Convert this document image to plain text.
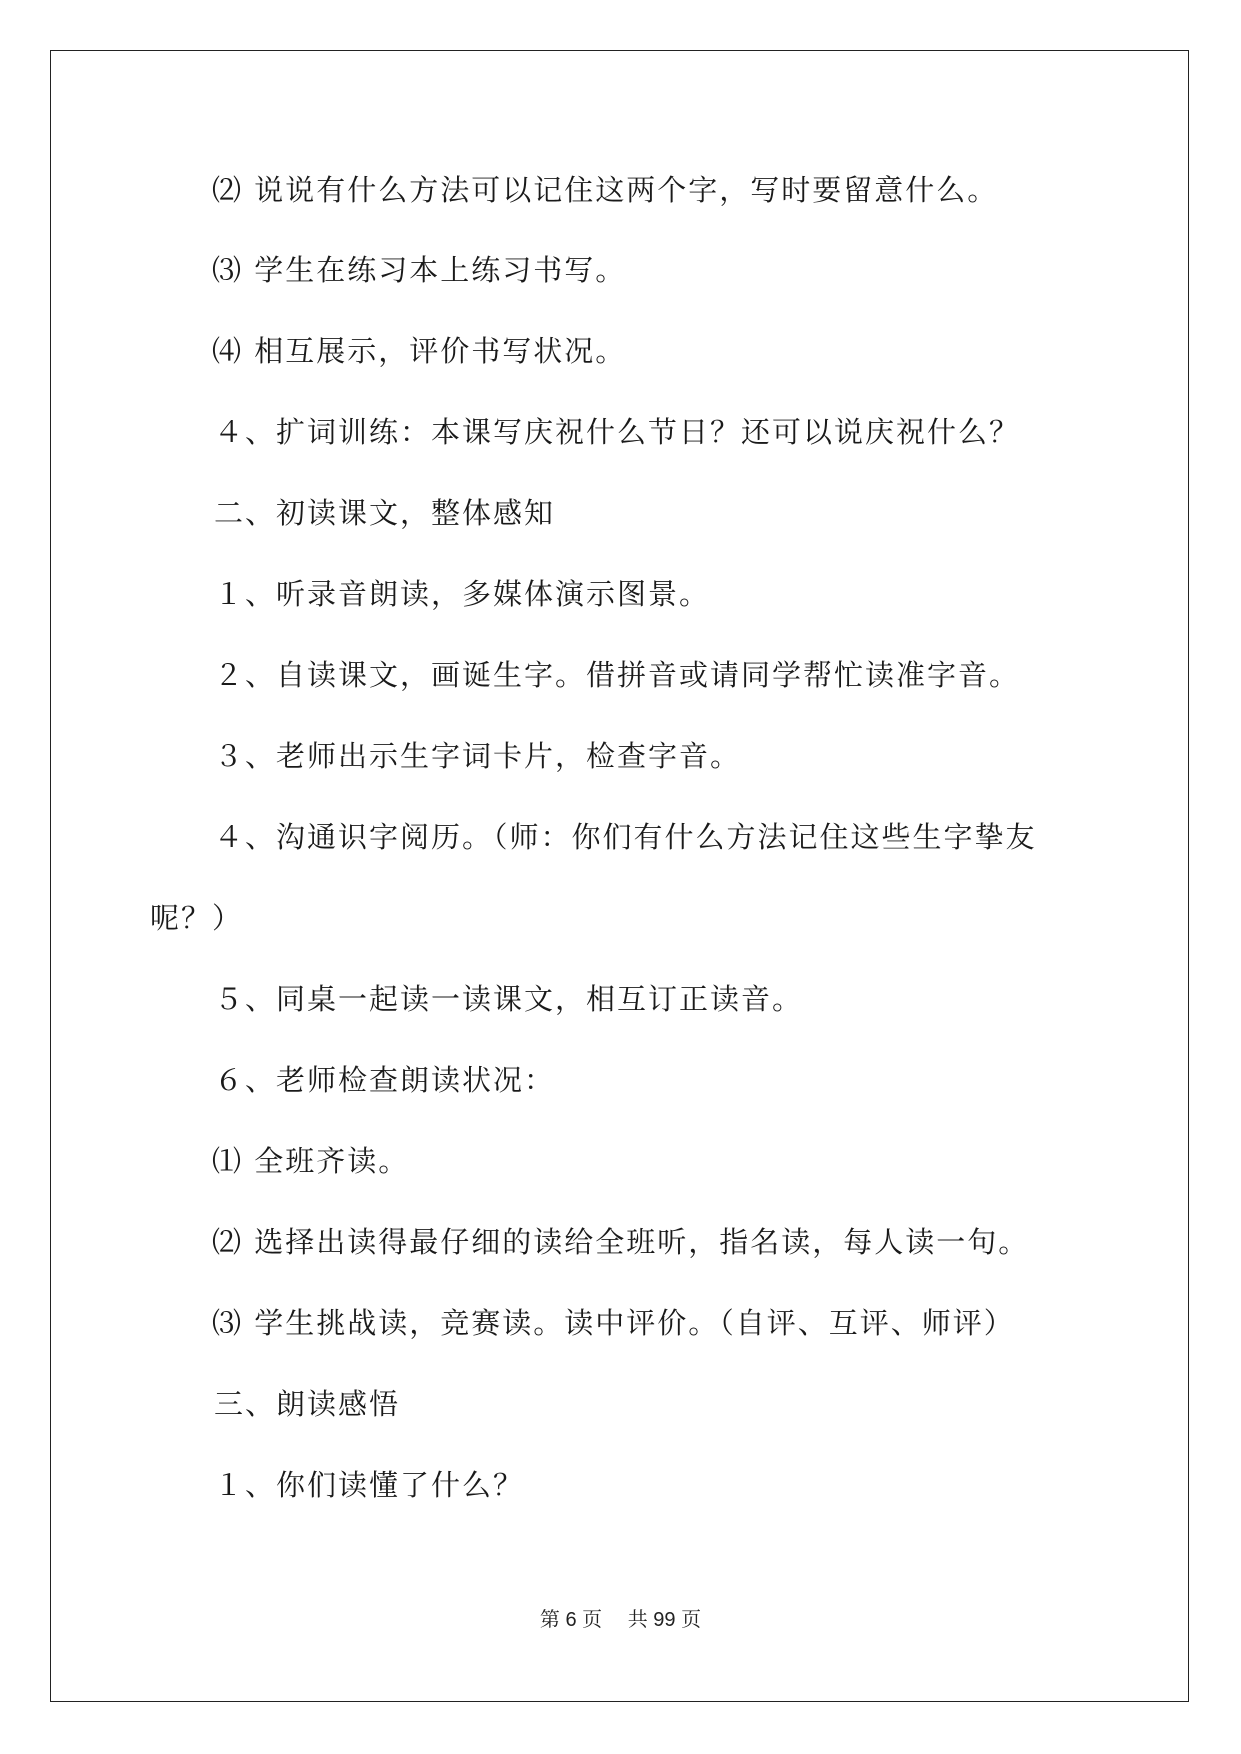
⑵ 说说有什么方法可以记住这两个字，写时要留意什么。
⑶ 学生在练习本上练习书写。
⑷ 相互展示，评价书写状况。
４、扩词训练：本课写庆祝什么节日？还可以说庆祝什么？
二、初读课文，整体感知
１、听录音朗读，多媒体演示图景。
２、自读课文，画诞生字。借拼音或请同学帮忙读准字音。
３、老师出示生字词卡片，检查字音。
４、沟通识字阅历。（师：你们有什么方法记住这些生字挚友
呢？）
５、同桌一起读一读课文，相互订正读音。
６、老师检查朗读状况：
⑴ 全班齐读。
⑵ 选择出读得最仔细的读给全班听，指名读，每人读一句。
⑶ 学生挑战读，竞赛读。读中评价。（自评、互评、师评）
三、朗读感悟
１、你们读懂了什么？
第 6 页　 共 99 页
